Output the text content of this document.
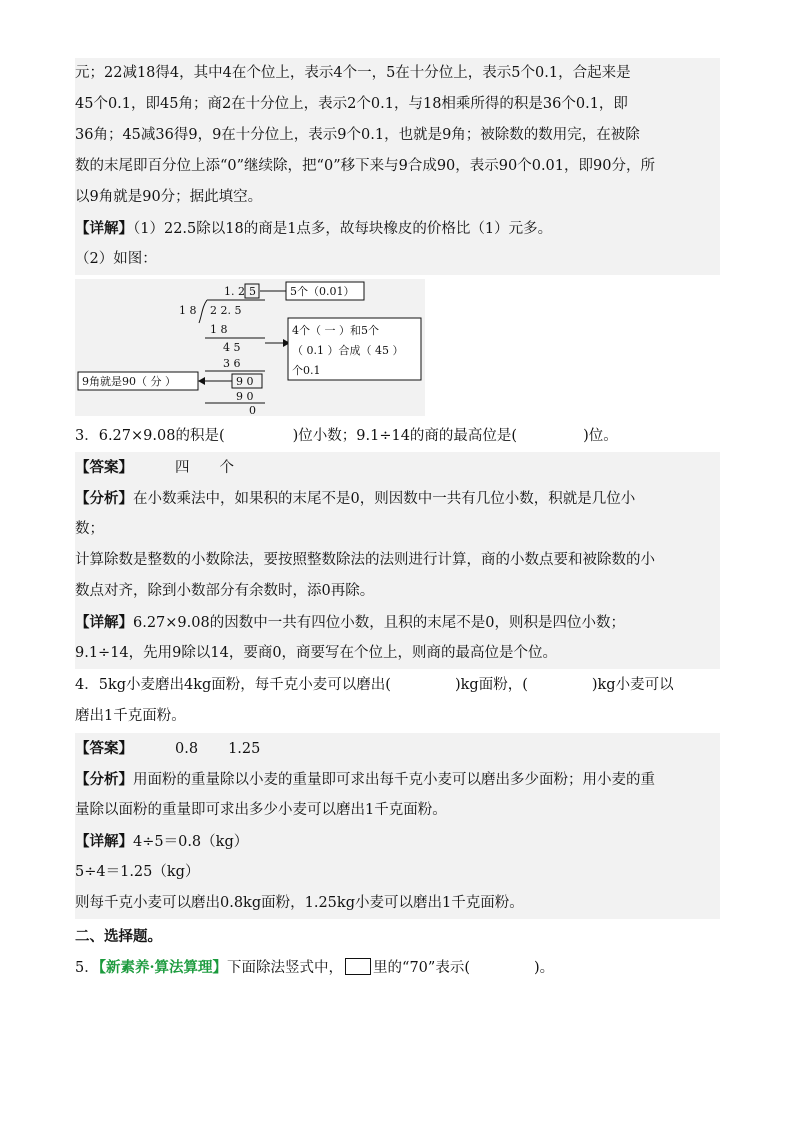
元；22减18得4，其中4在个位上，表示4个一，5在十分位上，表示5个0.1，合起来是
45个0.1，即45角；商2在十分位上，表示2个0.1，与18相乘所得的积是36个0.1，即
36角；45减36得9，9在十分位上，表示9个0.1，也就是9角；被除数的数用完，在被除
数的末尾即百分位上添“0”继续除，把“0”移下来与9合成90，表示90个0.01，即90分，所
以9角就是90分；据此填空。
【详解】（1）22.5除以18的商是1点多，故每块橡皮的价格比（1）元多。
（2）如图：
1. 2 5	5个（0.01）
1 8 2 2. 5
1 8
4 5
3 6
9 0
9 0
0
4个（ 一 ）和5个
（ 0.1 ）合成（ 45 ）
个0.1
9角就是90（ 分 ）
3．6.27×9.08的积是(	)位小数；9.1÷14的商的最高位是(	)位。
【答案】	四 个
【分析】在小数乘法中，如果积的末尾不是0，则因数中一共有几位小数，积就是几位小
数；
计算除数是整数的小数除法，要按照整数除法的法则进行计算，商的小数点要和被除数的小
数点对齐，除到小数部分有余数时，添0再除。
【详解】6.27×9.08的因数中一共有四位小数，且积的末尾不是0，则积是四位小数；
9.1÷14，先用9除以14，要商0，商要写在个位上，则商的最高位是个位。
4．5kg小麦磨出4kg面粉，每千克小麦可以磨出(	)kg面粉，(	)kg小麦可以
磨出1千克面粉。
【答案】	0.8 1.25
【分析】用面粉的重量除以小麦的重量即可求出每千克小麦可以磨出多少面粉；用小麦的重
量除以面粉的重量即可求出多少小麦可以磨出1千克面粉。
【详解】4÷5＝0.8（kg）
5÷4＝1.25（kg）
则每千克小麦可以磨出0.8kg面粉，1.25kg小麦可以磨出1千克面粉。
二、选择题。
5．【新素养·算法算理】下面除法竖式中， 里的“70”表示(	)。
